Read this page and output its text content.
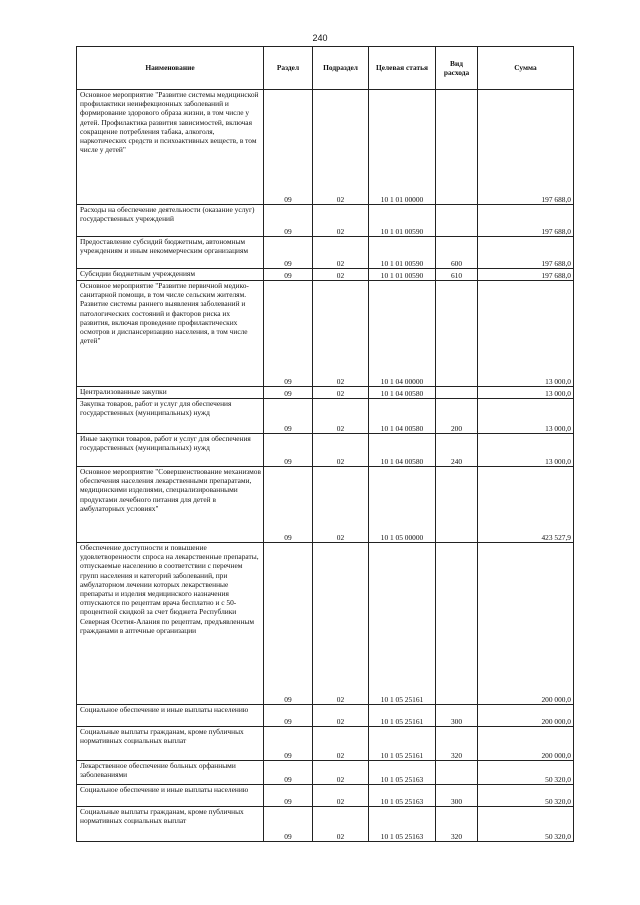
240
Наименование	Раздел	Подраздел	Целевая статья	Вид расхода	Сумма
Основное мероприятие "Развитие системы медицинской профилактики неинфекционных заболеваний и формирование здорового образа жизни, в том числе у детей. Профилактика развития зависимостей, включая сокращение потребления табака, алкоголя, наркотических средств и психоактивных веществ, в том числе у детей"	09	02	10 1 01 00000		197 688,0
Расходы на обеспечение деятельности (оказание услуг) государственных учреждений	09	02	10 1 01 00590		197 688,0
Предоставление субсидий бюджетным, автономным учреждениям и иным некоммерческим организациям	09	02	10 1 01 00590	600	197 688,0
Субсидии бюджетным учреждениям	09	02	10 1 01 00590	610	197 688,0
Основное мероприятие "Развитие первичной медико-санитарной помощи, в том числе сельским жителям. Развитие системы раннего выявления заболеваний и патологических состояний и факторов риска их развития, включая проведение профилактических осмотров и диспансеризацию населения, в том числе детей"	09	02	10 1 04 00000		13 000,0
Централизованные закупки	09	02	10 1 04 00580		13 000,0
Закупка товаров, работ и услуг для обеспечения государственных (муниципальных) нужд	09	02	10 1 04 00580	200	13 000,0
Иные закупки товаров, работ и услуг для обеспечения государственных (муниципальных) нужд	09	02	10 1 04 00580	240	13 000,0
Основное мероприятие "Совершенствование механизмов обеспечения населения лекарственными препаратами, медицинскими изделиями, специализированными продуктами лечебного питания для детей в амбулаторных условиях"	09	02	10 1 05 00000		423 527,9
Обеспечение доступности и повышение удовлетворенности спроса на лекарственные препараты, отпускаемые населению в соответствии с перечнем групп населения и категорий заболеваний, при амбулаторном лечении которых лекарственные препараты и изделия медицинского назначения отпускаются по рецептам врача бесплатно и с 50-процентной скидкой за счет бюджета Республики Северная Осетия-Алания по рецептам, предъявленным гражданами в аптечные организации	09	02	10 1 05 25161		200 000,0
Социальное обеспечение и иные выплаты населению	09	02	10 1 05 25161	300	200 000,0
Социальные выплаты гражданам, кроме публичных нормативных социальных выплат	09	02	10 1 05 25161	320	200 000,0
Лекарственное обеспечение больных орфанными заболеваниями	09	02	10 1 05 25163		50 320,0
Социальное обеспечение и иные выплаты населению	09	02	10 1 05 25163	300	50 320,0
Социальные выплаты гражданам, кроме публичных нормативных социальных выплат	09	02	10 1 05 25163	320	50 320,0
